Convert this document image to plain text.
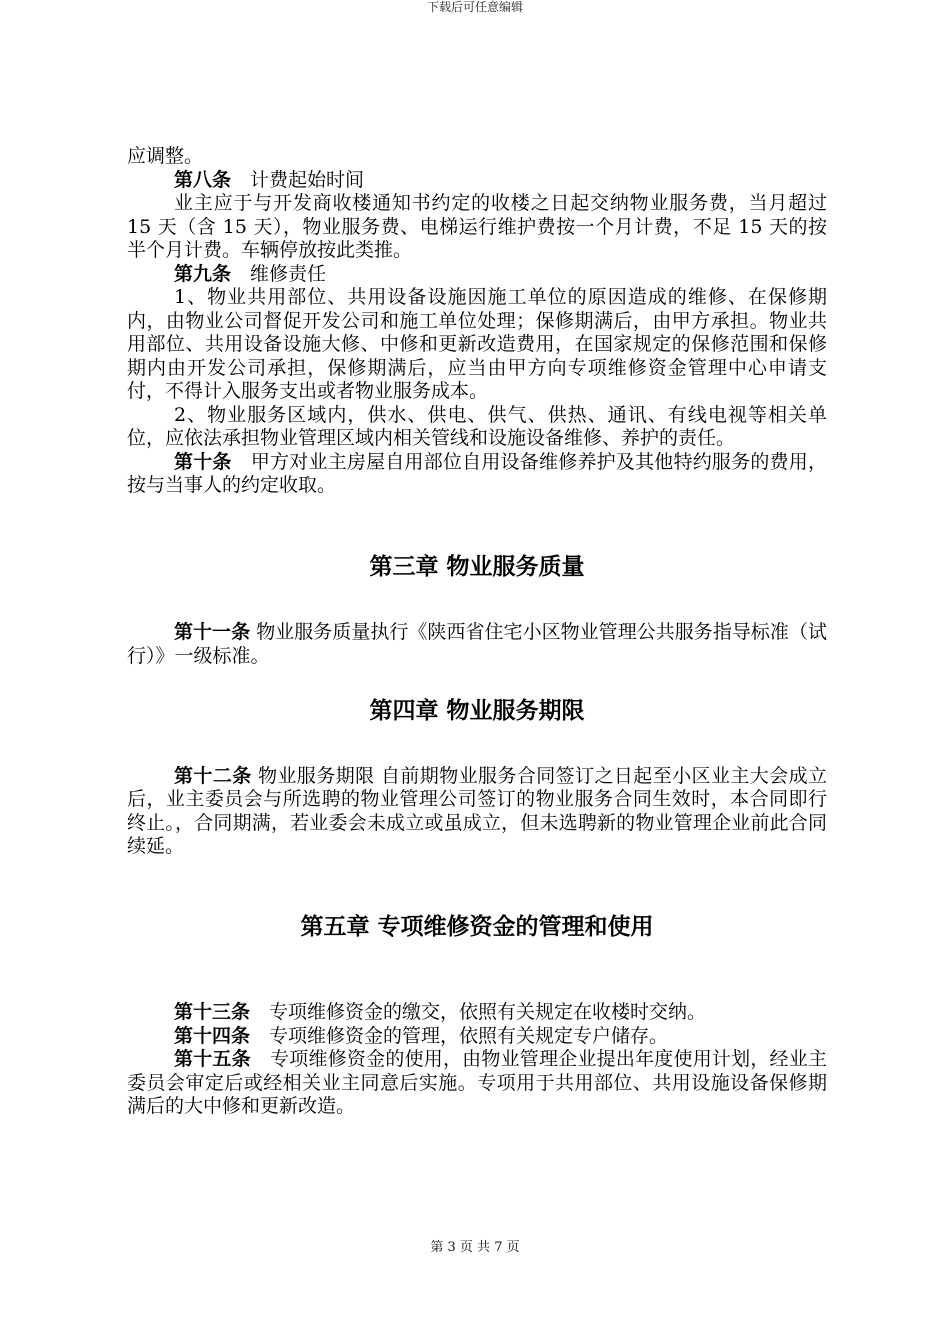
下载后可任意编辑

应调整。

第八条　 计费起始时间

业主应于与开发商收楼通知书约定的收楼之日起交纳物业服务费，当月超过 15 天（含 15 天），物业服务费、电梯运行维护费按一个月计费，不足 15 天的按半个月计费。车辆停放按此类推。

第九条　 维修责任

1、物业共用部位、共用设备设施因施工单位的原因造成的维修、在保修期内，由物业公司督促开发公司和施工单位处理；保修期满后，由甲方承担。物业共用部位、共用设备设施大修、中修和更新改造费用，在国家规定的保修范围和保修期内由开发公司承担，保修期满后，应当由甲方向专项维修资金管理中心申请支付，不得计入服务支出或者物业服务成本。

2、物业服务区域内，供水、供电、供气、供热、通讯、有线电视等相关单位，应依法承担物业管理区域内相关管线和设施设备维修、养护的责任。

第十条　 甲方对业主房屋自用部位自用设备维修养护及其他特约服务的费用，按与当事人的约定收取。

第三章 物业服务质量

第十一条 物业服务质量执行《陕西省住宅小区物业管理公共服务指导标准（试行）》一级标准。

第四章 物业服务期限

第十二条 物业服务期限 自前期物业服务合同签订之日起至小区业主大会成立后，业主委员会与所选聘的物业管理公司签订的物业服务合同生效时，本合同即行终止。，合同期满，若业委会未成立或虽成立，但未选聘新的物业管理企业前此合同续延。

第五章 专项维修资金的管理和使用

第十三条　 专项维修资金的缴交，依照有关规定在收楼时交纳。

第十四条　 专项维修资金的管理，依照有关规定专户储存。

第十五条　 专项维修资金的使用，由物业管理企业提出年度使用计划，经业主委员会审定后或经相关业主同意后实施。专项用于共用部位、共用设施设备保修期满后的大中修和更新改造。

第 3 页 共 7 页
